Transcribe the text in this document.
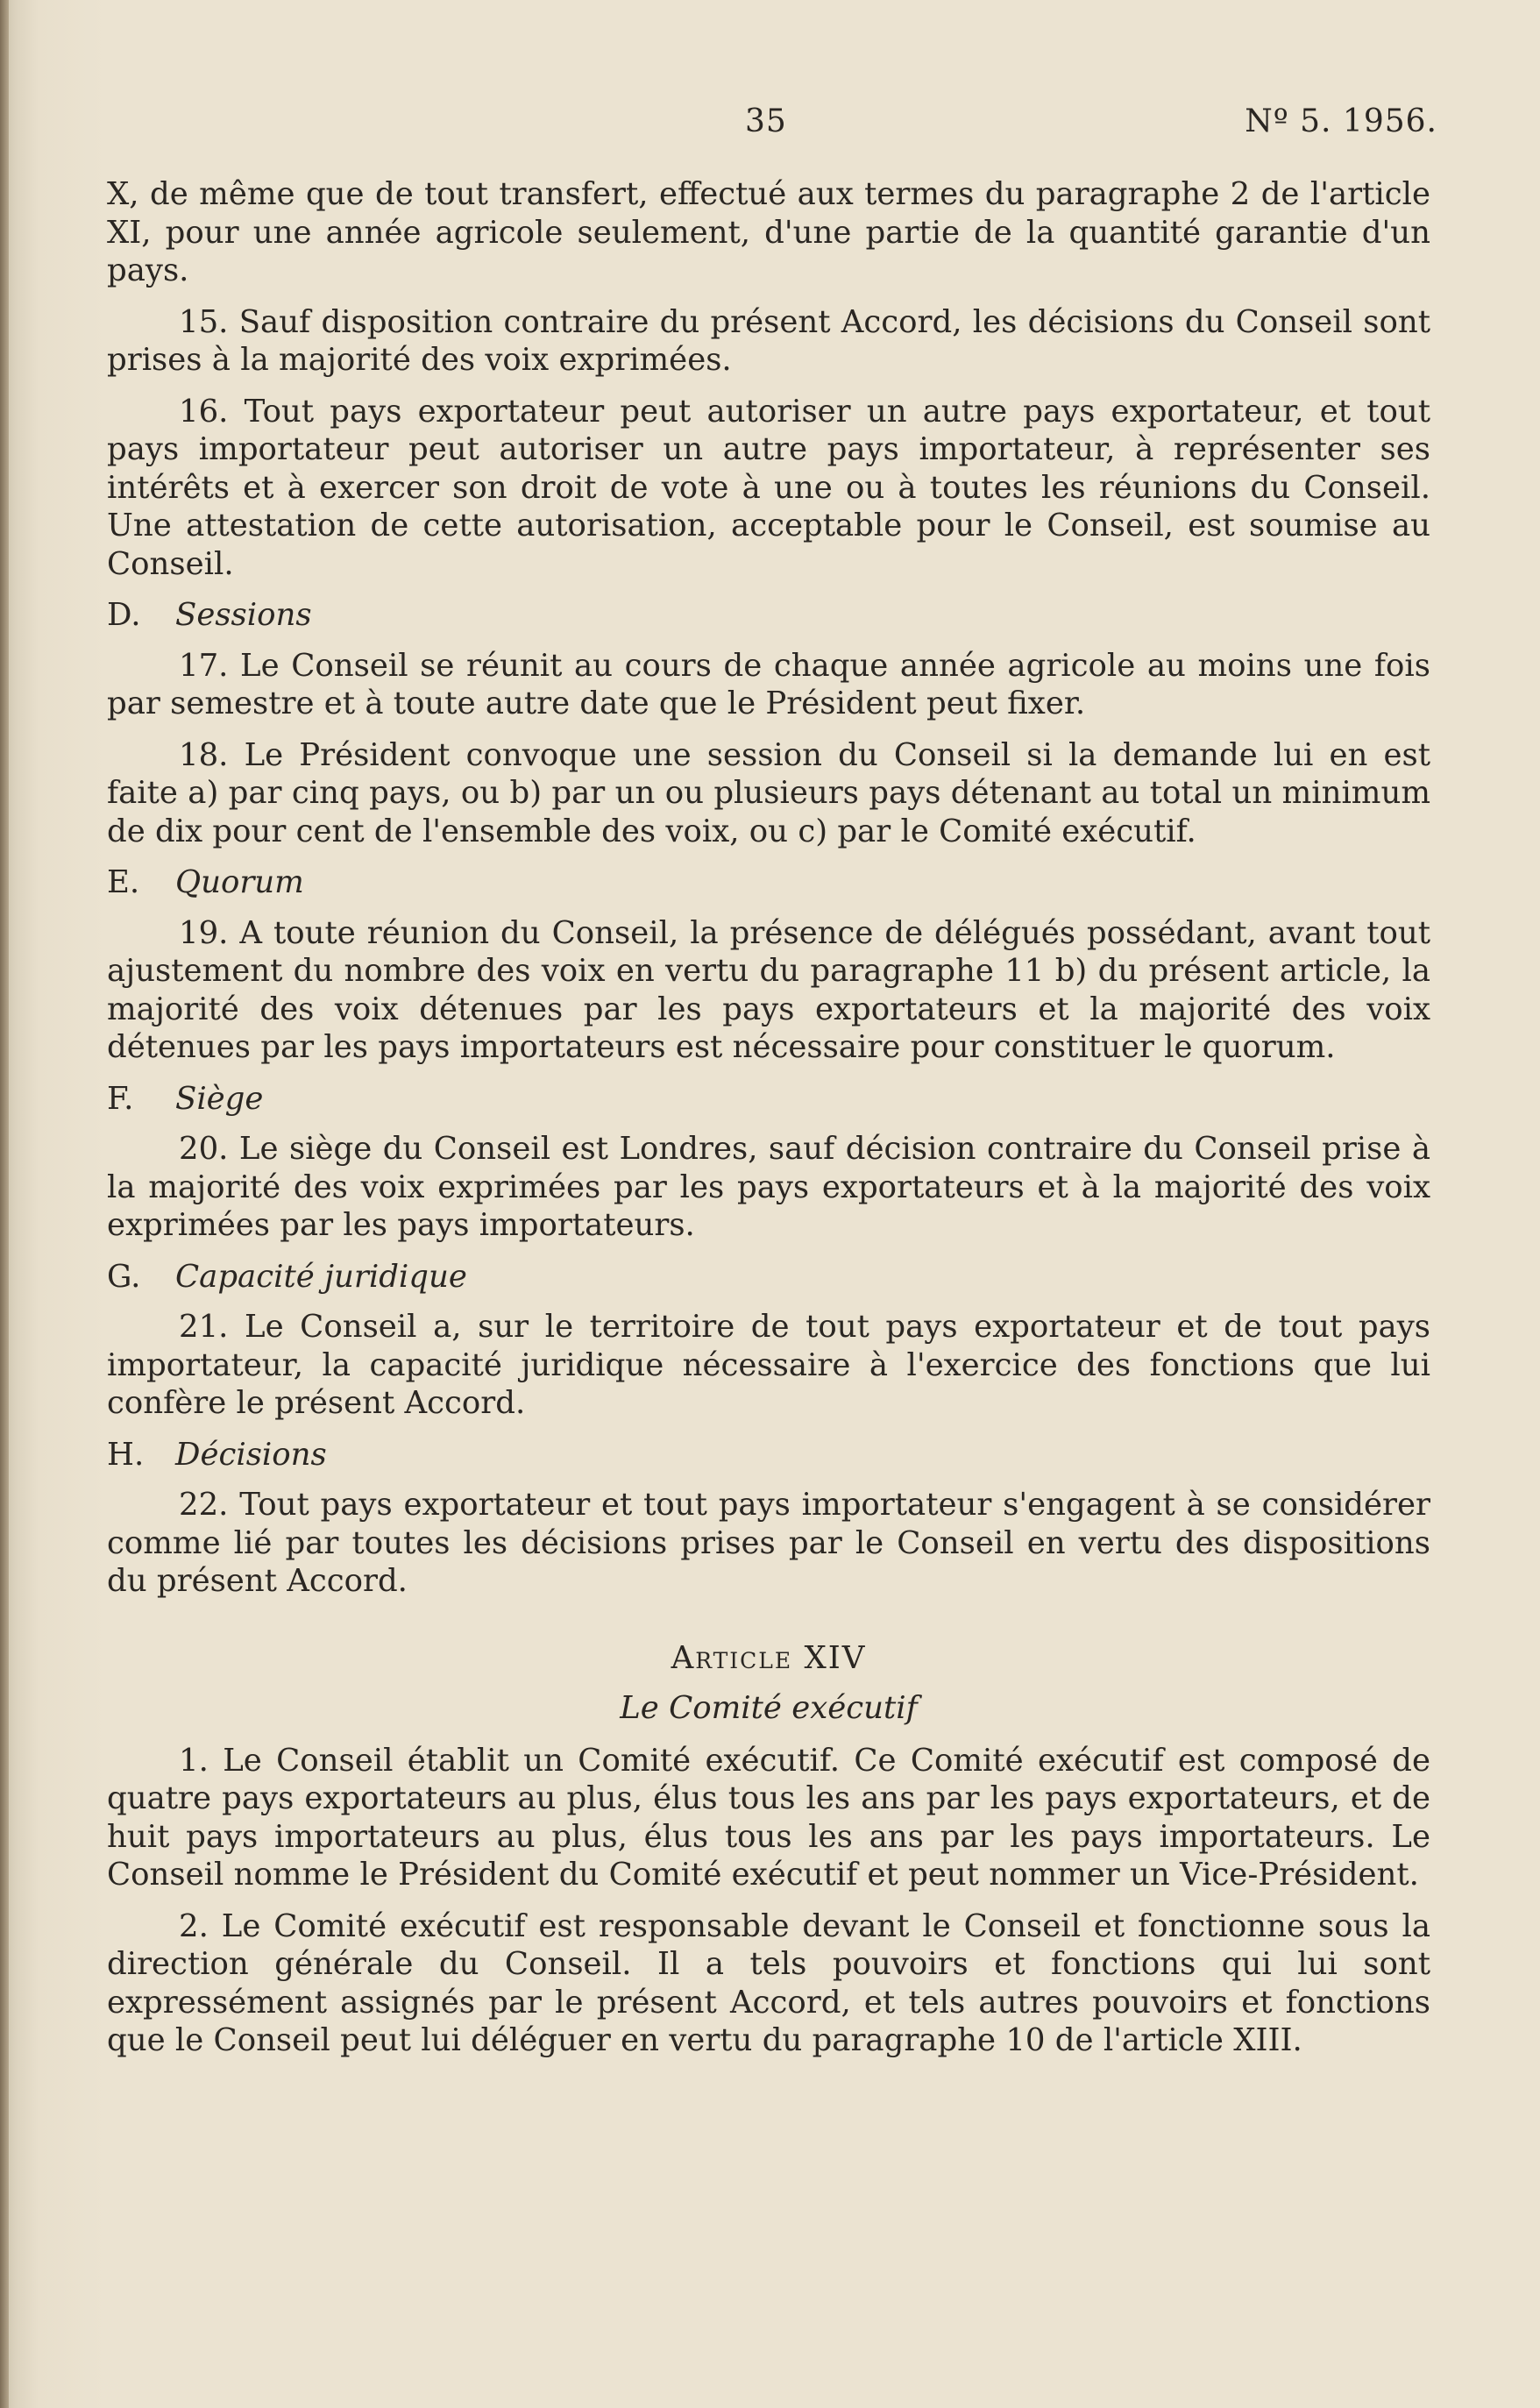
35	Nº 5. 1956.

X, de même que de tout transfert, effectué aux termes du paragraphe 2 de l'article XI, pour une année agricole seulement, d'une partie de la quantité garantie d'un pays.

15. Sauf disposition contraire du présent Accord, les décisions du Conseil sont prises à la majorité des voix exprimées.

16. Tout pays exportateur peut autoriser un autre pays exportateur, et tout pays importateur peut autoriser un autre pays importateur, à représenter ses intérêts et à exercer son droit de vote à une ou à toutes les réunions du Conseil. Une attestation de cette autorisation, acceptable pour le Conseil, est soumise au Conseil.

D. Sessions

17. Le Conseil se réunit au cours de chaque année agricole au moins une fois par semestre et à toute autre date que le Président peut fixer.

18. Le Président convoque une session du Conseil si la demande lui en est faite a) par cinq pays, ou b) par un ou plusieurs pays détenant au total un minimum de dix pour cent de l'ensemble des voix, ou c) par le Comité exécutif.

E. Quorum

19. A toute réunion du Conseil, la présence de délégués possédant, avant tout ajustement du nombre des voix en vertu du paragraphe 11 b) du présent article, la majorité des voix détenues par les pays exportateurs et la majorité des voix détenues par les pays importateurs est nécessaire pour constituer le quorum.

F. Siège

20. Le siège du Conseil est Londres, sauf décision contraire du Conseil prise à la majorité des voix exprimées par les pays exportateurs et à la majorité des voix exprimées par les pays importateurs.

G. Capacité juridique

21. Le Conseil a, sur le territoire de tout pays exportateur et de tout pays importateur, la capacité juridique nécessaire à l'exercice des fonctions que lui confère le présent Accord.

H. Décisions

22. Tout pays exportateur et tout pays importateur s'engagent à se considérer comme lié par toutes les décisions prises par le Conseil en vertu des dispositions du présent Accord.

Article XIV
Le Comité exécutif

1. Le Conseil établit un Comité exécutif. Ce Comité exécutif est composé de quatre pays exportateurs au plus, élus tous les ans par les pays exportateurs, et de huit pays importateurs au plus, élus tous les ans par les pays importateurs. Le Conseil nomme le Président du Comité exécutif et peut nommer un Vice-Président.

2. Le Comité exécutif est responsable devant le Conseil et fonctionne sous la direction générale du Conseil. Il a tels pouvoirs et fonctions qui lui sont expressément assignés par le présent Accord, et tels autres pouvoirs et fonctions que le Conseil peut lui déléguer en vertu du paragraphe 10 de l'article XIII.
